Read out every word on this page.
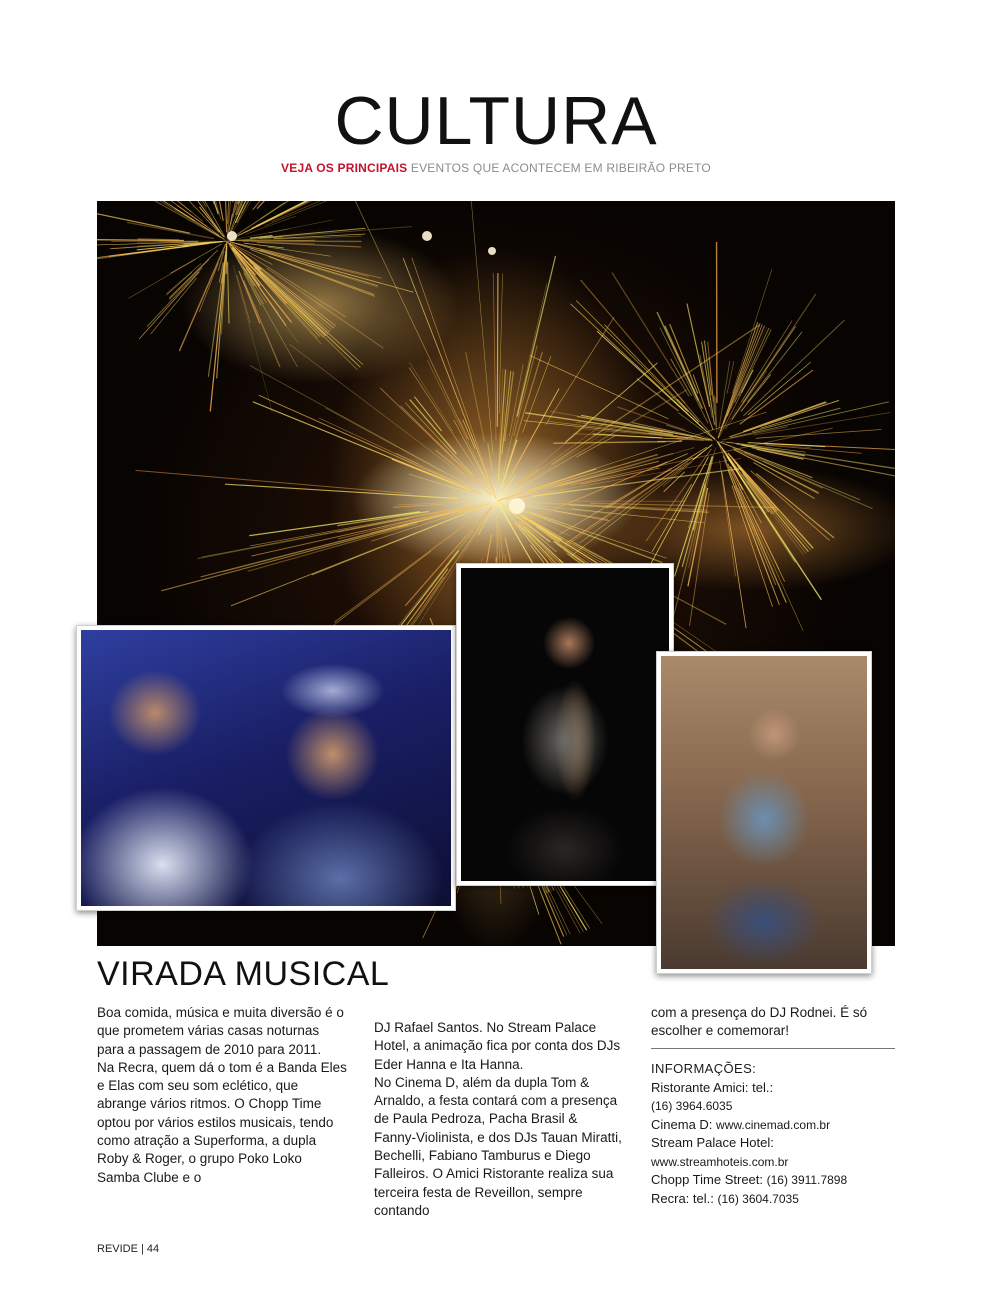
CULTURA
VEJA OS PRINCIPAIS EVENTOS QUE ACONTECEM EM RIBEIRÃO PRETO
VIRADA MUSICAL

Boa comida, música e muita diversão é o que prometem várias casas noturnas para a passagem de 2010 para 2011.

Na Recra, quem dá o tom é a Banda Eles e Elas com seu som eclético, que abrange vários ritmos. O Chopp Time optou por vários estilos musicais, tendo como atração a Superforma, a dupla Roby & Roger, o grupo Poko Loko Samba Clube e o

DJ Rafael Santos. No Stream Palace Hotel, a animação fica por conta dos DJs Eder Hanna e Ita Hanna.

No Cinema D, além da dupla Tom & Arnaldo, a festa contará com a presença de Paula Pedroza, Pacha Brasil & Fanny-Violinista, e dos DJs Tauan Miratti, Bechelli, Fabiano Tamburus e Diego Falleiros. O Amici Ristorante realiza sua terceira festa de Reveillon, sempre contando

com a presença do DJ Rodnei. É só escolher e comemorar!

INFORMAÇÕES:
Ristorante Amici: tel.:
(16) 3964.6035
Cinema D: www.cinemad.com.br
Stream Palace Hotel:
www.streamhoteis.com.br
Chopp Time Street: (16) 3911.7898
Recra: tel.: (16) 3604.7035
REVIDE | 44
